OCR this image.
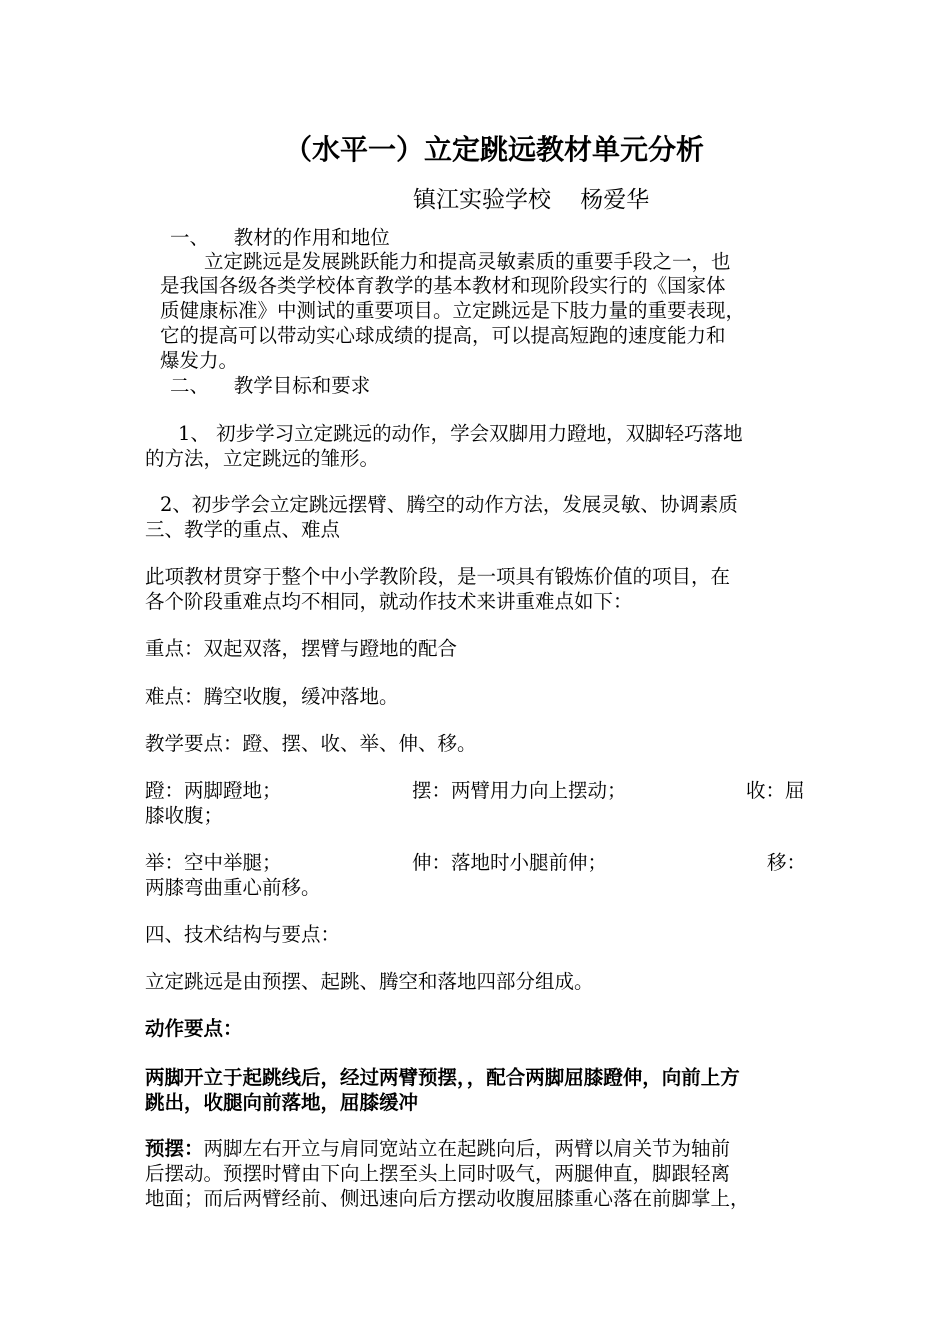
（水平一）立定跳远教材单元分析
镇江实验学校    杨爱华
一、    教材的作用和地位
立定跳远是发展跳跃能力和提高灵敏素质的重要手段之一，也
是我国各级各类学校体育教学的基本教材和现阶段实行的《国家体
质健康标准》中测试的重要项目。立定跳远是下肢力量的重要表现，
它的提高可以带动实心球成绩的提高，可以提高短跑的速度能力和
爆发力。
二、    教学目标和要求
1、 初步学习立定跳远的动作，学会双脚用力蹬地，双脚轻巧落地
的方法，立定跳远的雏形。
2、初步学会立定跳远摆臂、腾空的动作方法，发展灵敏、协调素质
三、教学的重点、难点
此项教材贯穿于整个中小学教阶段，是一项具有锻炼价值的项目，在
各个阶段重难点均不相同，就动作技术来讲重难点如下：
重点：双起双落，摆臂与蹬地的配合
难点：腾空收腹，缓冲落地。
教学要点：蹬、摆、收、举、伸、移。
蹬：两脚蹬地；	摆：两臂用力向上摆动；	收：屈
膝收腹；
举：空中举腿；	伸：落地时小腿前伸；	移：
两膝弯曲重心前移。
四、技术结构与要点：
立定跳远是由预摆、起跳、腾空和落地四部分组成。
动作要点：
两脚开立于起跳线后，经过两臂预摆，，配合两脚屈膝蹬伸，向前上方
跳出，收腿向前落地，屈膝缓冲
预摆：两脚左右开立与肩同宽站立在起跳向后，两臂以肩关节为轴前
后摆动。预摆时臂由下向上摆至头上同时吸气，两腿伸直，脚跟轻离
地面；而后两臂经前、侧迅速向后方摆动收腹屈膝重心落在前脚掌上，
